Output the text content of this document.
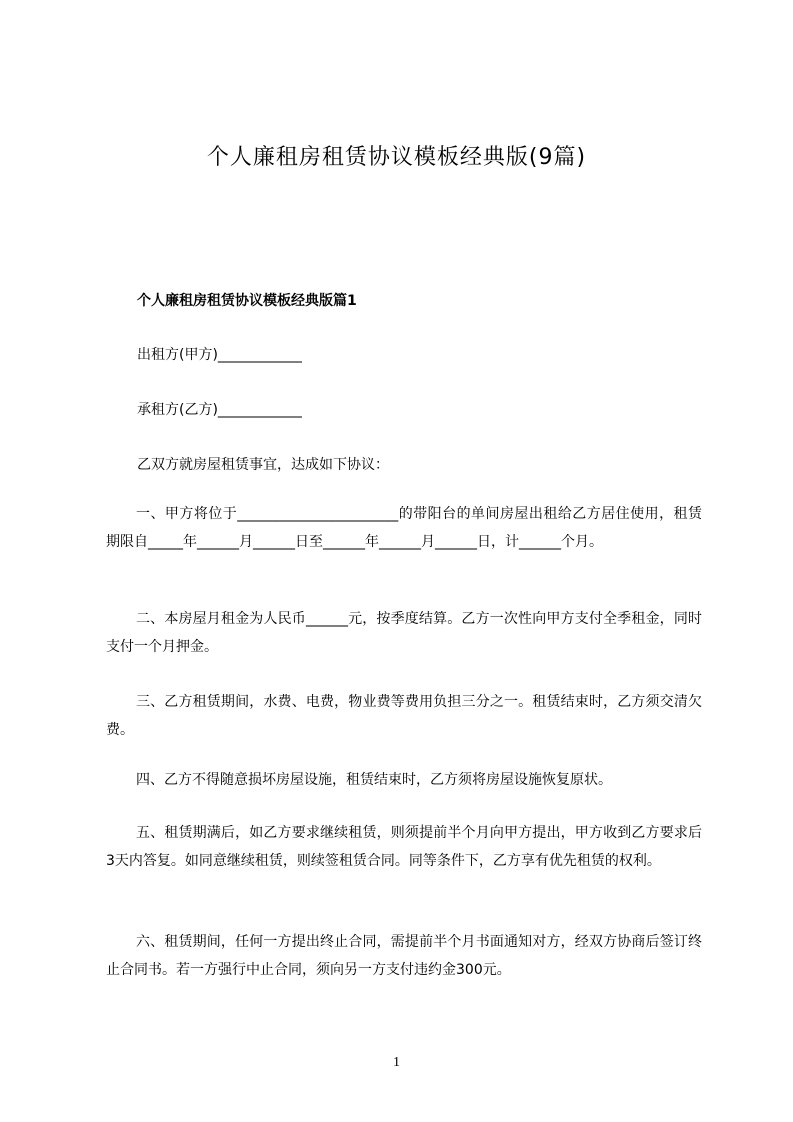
个人廉租房租赁协议模板经典版(9篇)
个人廉租房租赁协议模板经典版篇1
出租方(甲方)____________
承租方(乙方)____________
乙双方就房屋租赁事宜，达成如下协议：
一、甲方将位于_______________________的带阳台的单间房屋出租给乙方居住使用，租赁期限自_____年______月______日至______年______月______日，计______个月。
二、本房屋月租金为人民币______元，按季度结算。乙方一次性向甲方支付全季租金，同时支付一个月押金。
三、乙方租赁期间，水费、电费，物业费等费用负担三分之一。租赁结束时，乙方须交清欠费。
四、乙方不得随意损坏房屋设施，租赁结束时，乙方须将房屋设施恢复原状。
五、租赁期满后，如乙方要求继续租赁，则须提前半个月向甲方提出，甲方收到乙方要求后3天内答复。如同意继续租赁，则续签租赁合同。同等条件下，乙方享有优先租赁的权利。
六、租赁期间，任何一方提出终止合同，需提前半个月书面通知对方，经双方协商后签订终止合同书。若一方强行中止合同，须向另一方支付违约金300元。
1
